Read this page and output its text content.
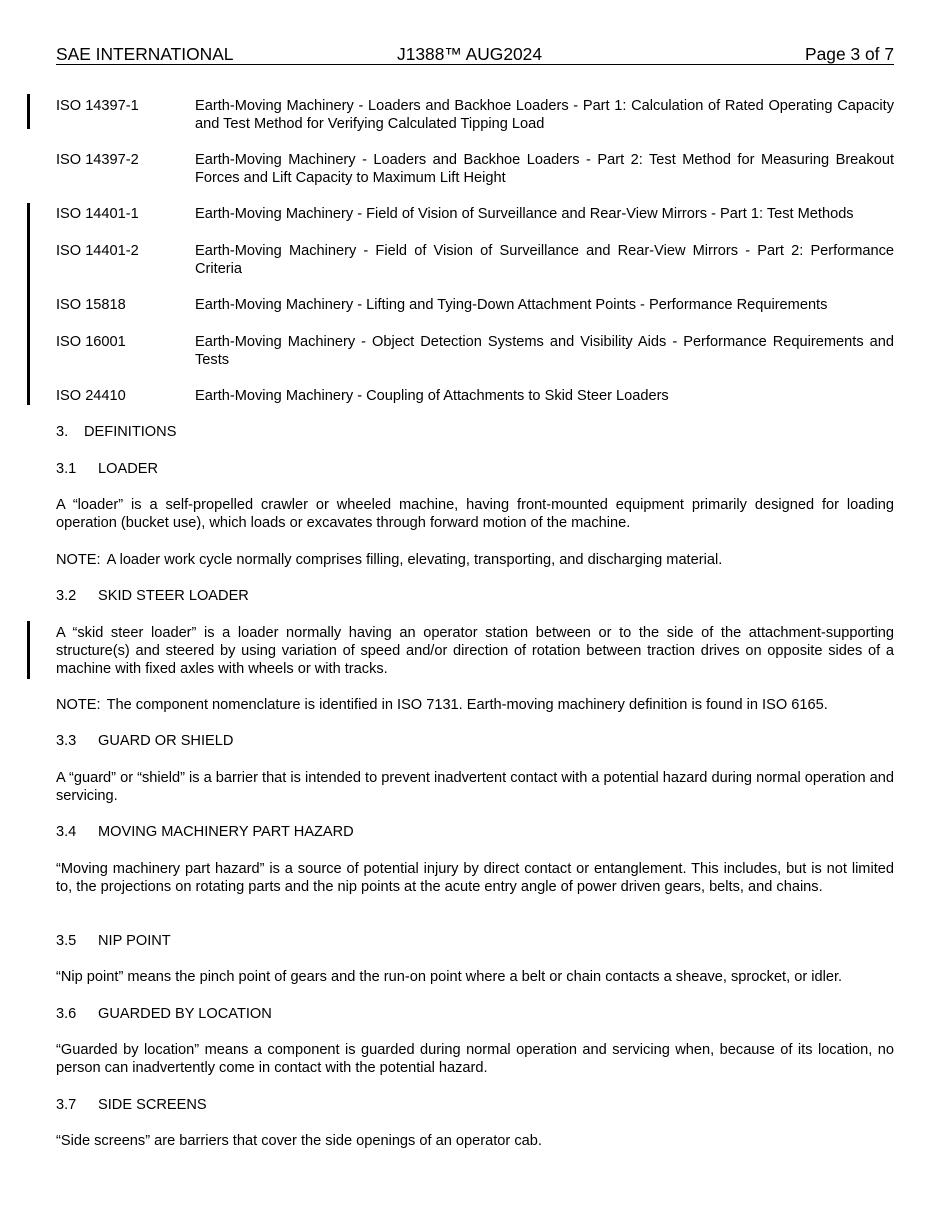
SAE INTERNATIONAL	J1388™ AUG2024	Page 3 of 7
ISO 14397-1	Earth-Moving Machinery - Loaders and Backhoe Loaders - Part 1: Calculation of Rated Operating Capacity and Test Method for Verifying Calculated Tipping Load
ISO 14397-2	Earth-Moving Machinery - Loaders and Backhoe Loaders - Part 2: Test Method for Measuring Breakout Forces and Lift Capacity to Maximum Lift Height
ISO 14401-1	Earth-Moving Machinery - Field of Vision of Surveillance and Rear-View Mirrors - Part 1: Test Methods
ISO 14401-2	Earth-Moving Machinery - Field of Vision of Surveillance and Rear-View Mirrors - Part 2: Performance Criteria
ISO 15818	Earth-Moving Machinery - Lifting and Tying-Down Attachment Points - Performance Requirements
ISO 16001	Earth-Moving Machinery - Object Detection Systems and Visibility Aids - Performance Requirements and Tests
ISO 24410	Earth-Moving Machinery - Coupling of Attachments to Skid Steer Loaders
3. DEFINITIONS
3.1 LOADER
A “loader” is a self-propelled crawler or wheeled machine, having front-mounted equipment primarily designed for loading operation (bucket use), which loads or excavates through forward motion of the machine.
NOTE: A loader work cycle normally comprises filling, elevating, transporting, and discharging material.
3.2 SKID STEER LOADER
A “skid steer loader” is a loader normally having an operator station between or to the side of the attachment-supporting structure(s) and steered by using variation of speed and/or direction of rotation between traction drives on opposite sides of a machine with fixed axles with wheels or with tracks.
NOTE: The component nomenclature is identified in ISO 7131. Earth-moving machinery definition is found in ISO 6165.
3.3 GUARD OR SHIELD
A “guard” or “shield” is a barrier that is intended to prevent inadvertent contact with a potential hazard during normal operation and servicing.
3.4 MOVING MACHINERY PART HAZARD
“Moving machinery part hazard” is a source of potential injury by direct contact or entanglement. This includes, but is not limited to, the projections on rotating parts and the nip points at the acute entry angle of power driven gears, belts, and chains.
3.5 NIP POINT
“Nip point” means the pinch point of gears and the run-on point where a belt or chain contacts a sheave, sprocket, or idler.
3.6 GUARDED BY LOCATION
“Guarded by location” means a component is guarded during normal operation and servicing when, because of its location, no person can inadvertently come in contact with the potential hazard.
3.7 SIDE SCREENS
“Side screens” are barriers that cover the side openings of an operator cab.
